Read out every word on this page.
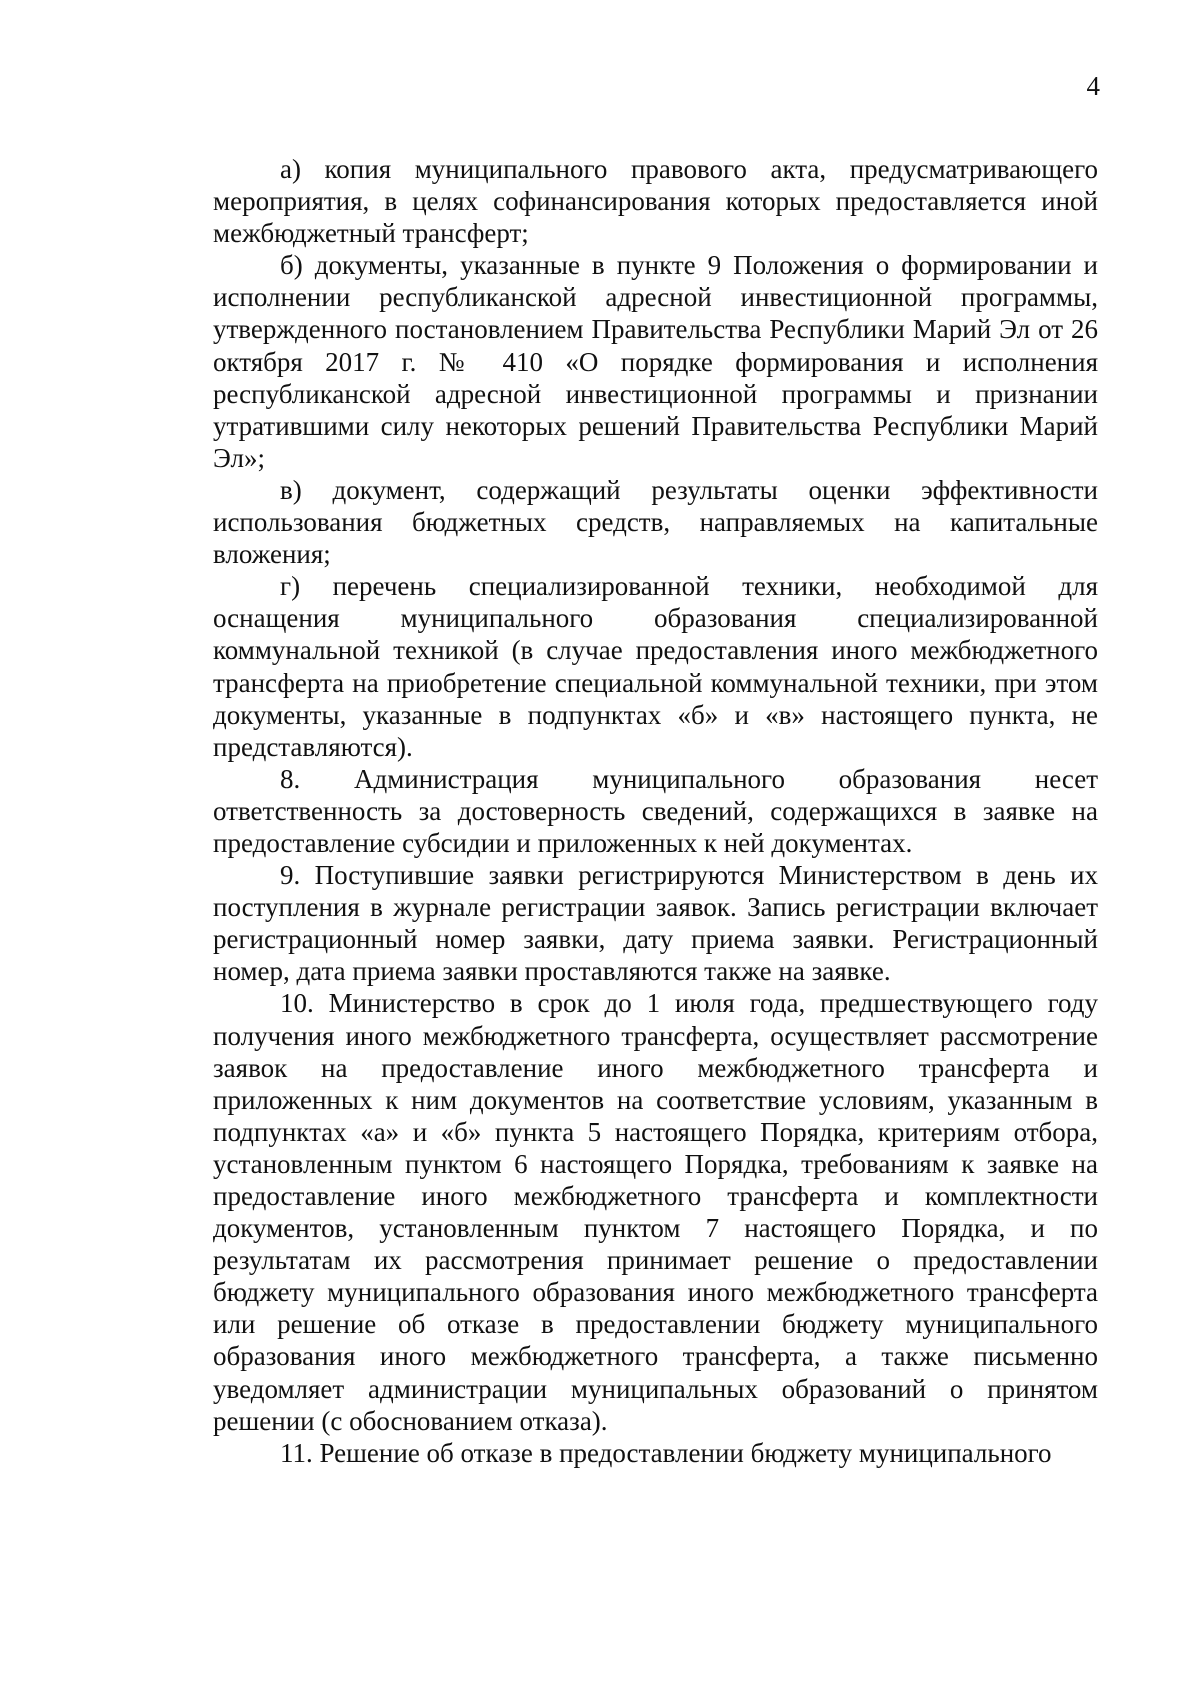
4

а) копия муниципального правового акта, предусматривающего мероприятия, в целях софинансирования которых предоставляется иной межбюджетный трансферт;

б) документы, указанные в пункте 9 Положения о формировании и исполнении республиканской адресной инвестиционной программы, утвержденного постановлением Правительства Республики Марий Эл от 26 октября 2017 г. № 410 «О порядке формирования и исполнения республиканской адресной инвестиционной программы и признании утратившими силу некоторых решений Правительства Республики Марий Эл»;

в) документ, содержащий результаты оценки эффективности использования бюджетных средств, направляемых на капитальные вложения;

г) перечень специализированной техники, необходимой для оснащения муниципального образования специализированной коммунальной техникой (в случае предоставления иного межбюджетного трансферта на приобретение специальной коммунальной техники, при этом документы, указанные в подпунктах «б» и «в» настоящего пункта, не представляются).

8. Администрация муниципального образования несет ответственность за достоверность сведений, содержащихся в заявке на предоставление субсидии и приложенных к ней документах.

9. Поступившие заявки регистрируются Министерством в день их поступления в журнале регистрации заявок. Запись регистрации включает регистрационный номер заявки, дату приема заявки. Регистрационный номер, дата приема заявки проставляются также на заявке.

10. Министерство в срок до 1 июля года, предшествующего году получения иного межбюджетного трансферта, осуществляет рассмотрение заявок на предоставление иного межбюджетного трансферта и приложенных к ним документов на соответствие условиям, указанным в подпунктах «а» и «б» пункта 5 настоящего Порядка, критериям отбора, установленным пунктом 6 настоящего Порядка, требованиям к заявке на предоставление иного межбюджетного трансферта и комплектности документов, установленным пунктом 7 настоящего Порядка, и по результатам их рассмотрения принимает решение о предоставлении бюджету муниципального образования иного межбюджетного трансферта или решение об отказе в предоставлении бюджету муниципального образования иного межбюджетного трансферта, а также письменно уведомляет администрации муниципальных образований о принятом решении (с обоснованием отказа).

11. Решение об отказе в предоставлении бюджету муниципального
